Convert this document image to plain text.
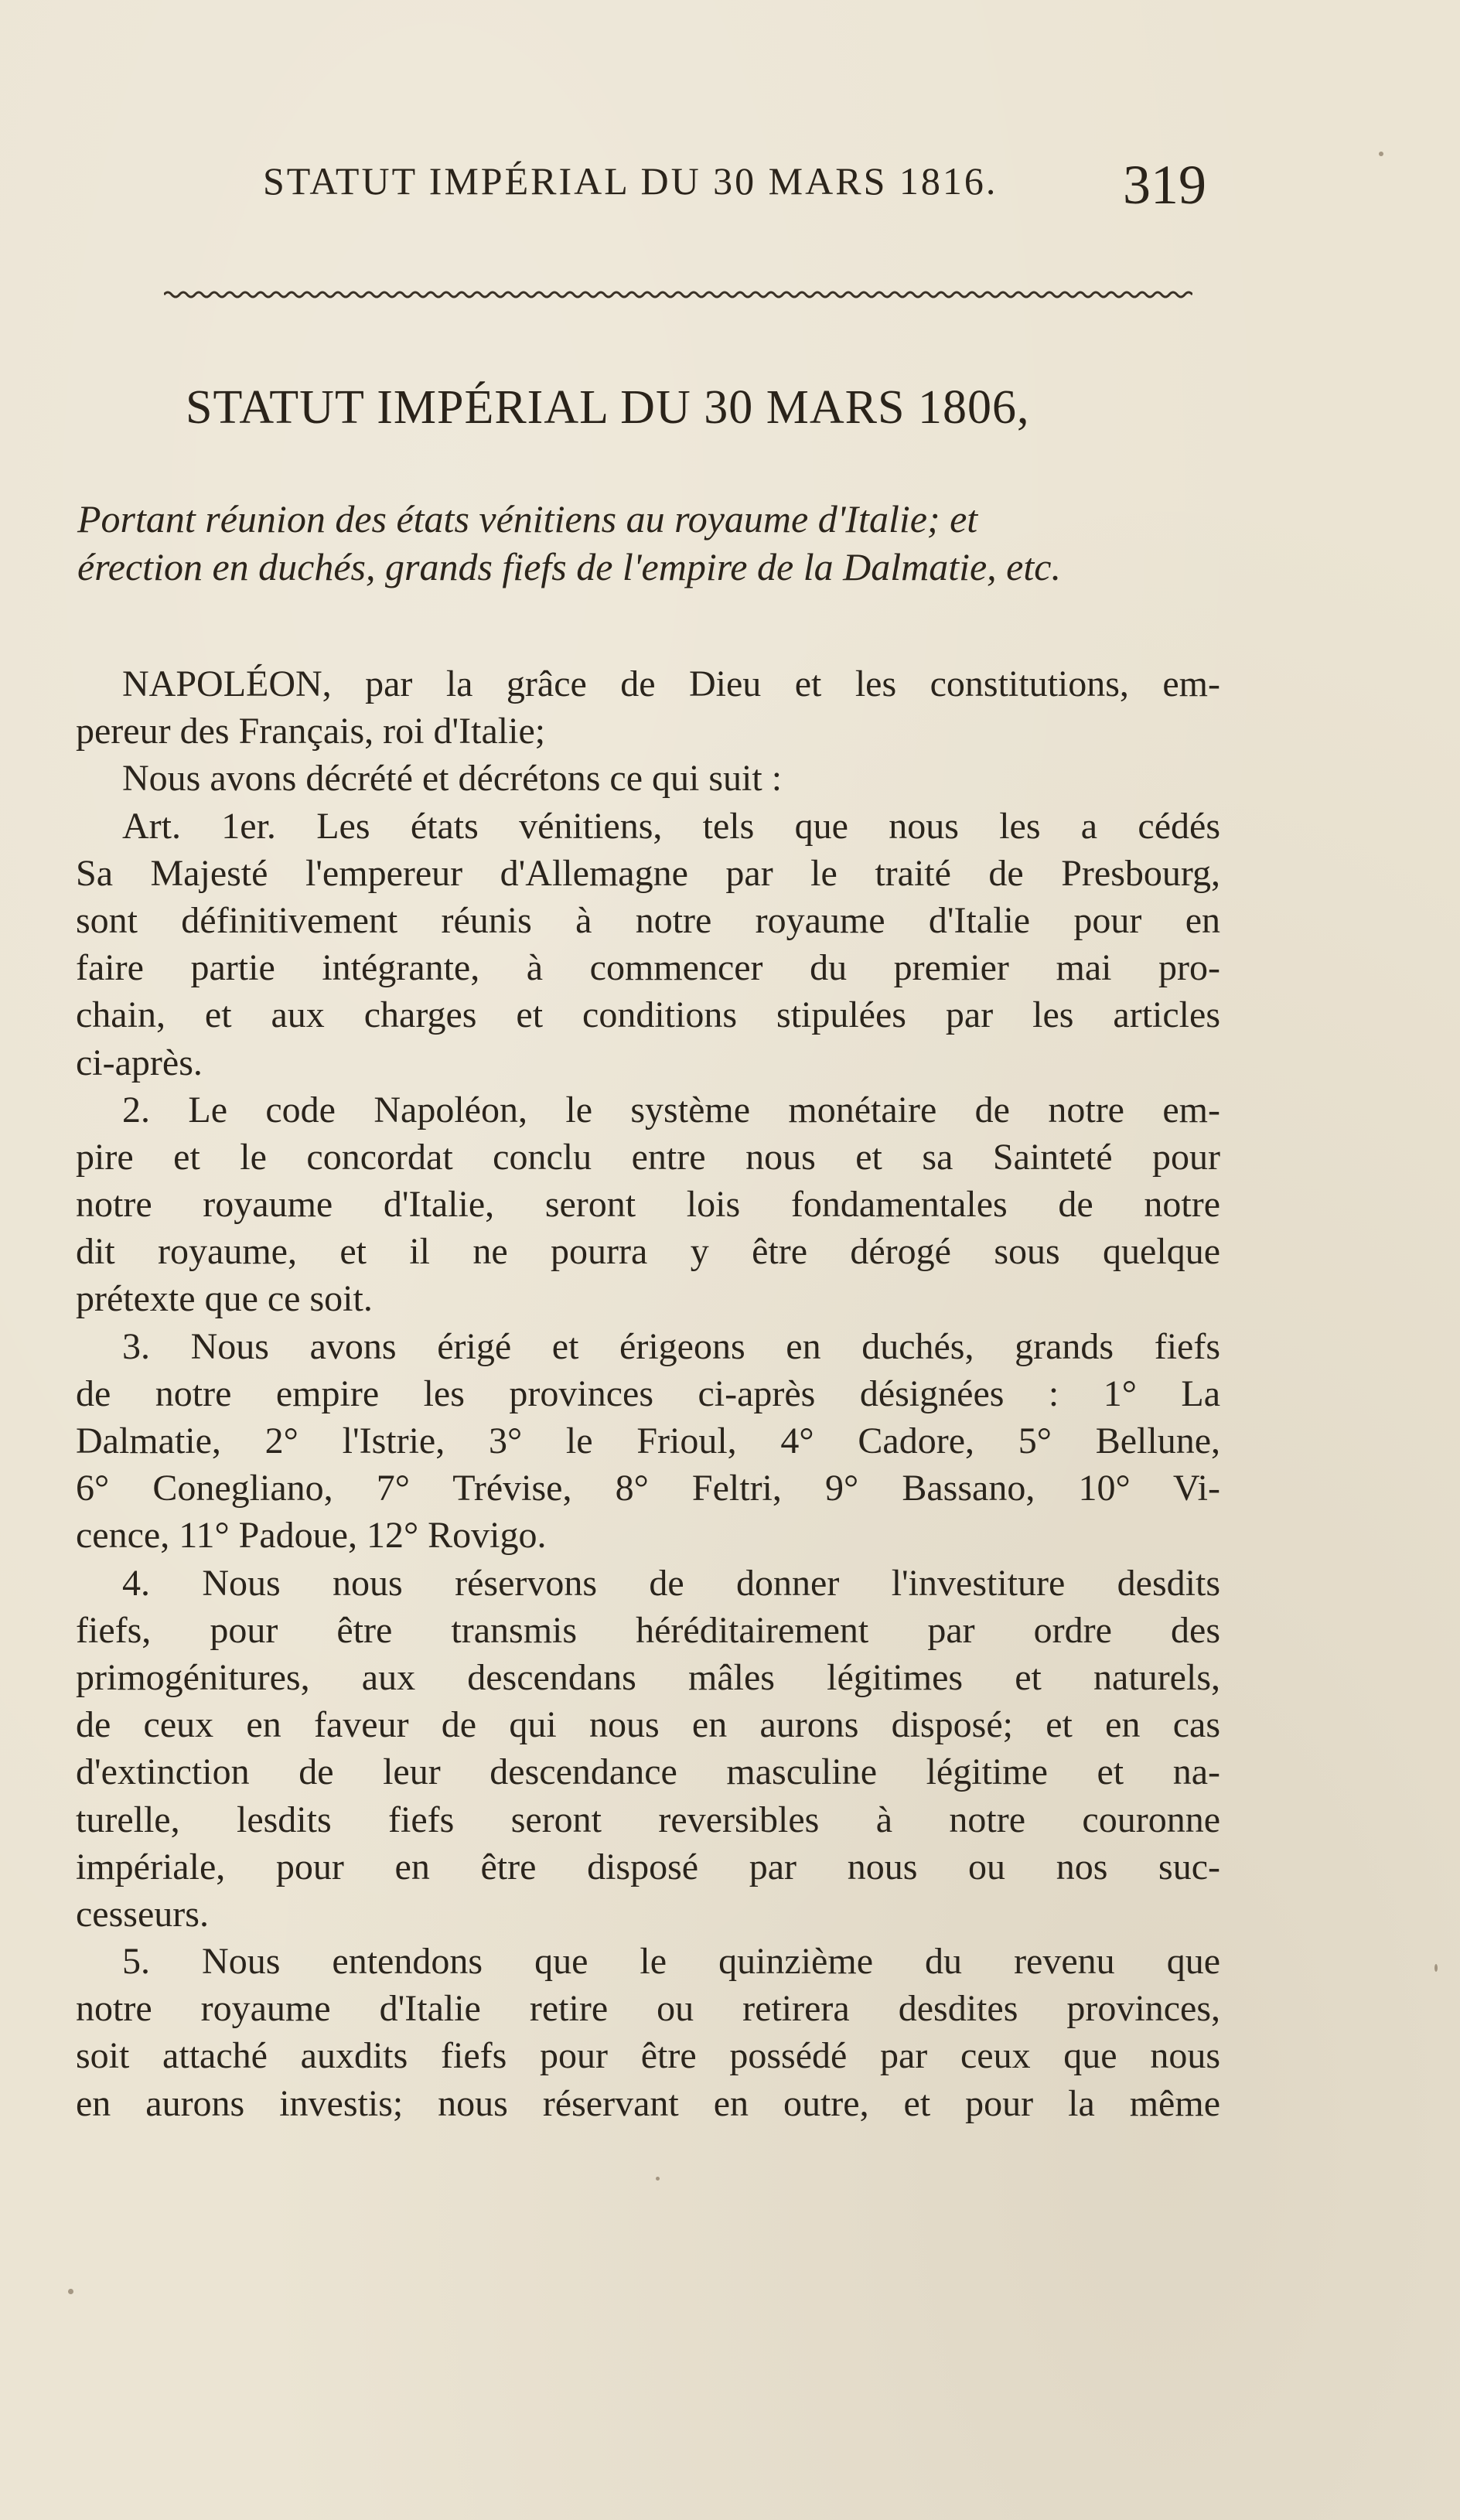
STATUT IMPÉRIAL DU 30 MARS 1816.	319
STATUT IMPÉRIAL DU 30 MARS 1806,
Portant réunion des états vénitiens au royaume d'Italie; et
érection en duchés, grands fiefs de l'empire de la Dalmatie, etc.
NAPOLÉON, par la grâce de Dieu et les constitutions, em-
pereur des Français, roi d'Italie;
Nous avons décrété et décrétons ce qui suit :
Art. 1er. Les états vénitiens, tels que nous les a cédés
Sa Majesté l'empereur d'Allemagne par le traité de Presbourg,
sont définitivement réunis à notre royaume d'Italie pour en
faire partie intégrante, à commencer du premier mai pro-
chain, et aux charges et conditions stipulées par les articles
ci-après.
2. Le code Napoléon, le système monétaire de notre em-
pire et le concordat conclu entre nous et sa Sainteté pour
notre royaume d'Italie, seront lois fondamentales de notre
dit royaume, et il ne pourra y être dérogé sous quelque
prétexte que ce soit.
3. Nous avons érigé et érigeons en duchés, grands fiefs
de notre empire les provinces ci-après désignées : 1° La
Dalmatie, 2° l'Istrie, 3° le Frioul, 4° Cadore, 5° Bellune,
6° Conegliano, 7° Trévise, 8° Feltri, 9° Bassano, 10° Vi-
cence, 11° Padoue, 12° Rovigo.
4. Nous nous réservons de donner l'investiture desdits
fiefs, pour être transmis héréditairement par ordre des
primogénitures, aux descendans mâles légitimes et naturels,
de ceux en faveur de qui nous en aurons disposé; et en cas
d'extinction de leur descendance masculine légitime et na-
turelle, lesdits fiefs seront reversibles à notre couronne
impériale, pour en être disposé par nous ou nos suc-
cesseurs.
5. Nous entendons que le quinzième du revenu que
notre royaume d'Italie retire ou retirera desdites provinces,
soit attaché auxdits fiefs pour être possédé par ceux que nous
en aurons investis; nous réservant en outre, et pour la même
